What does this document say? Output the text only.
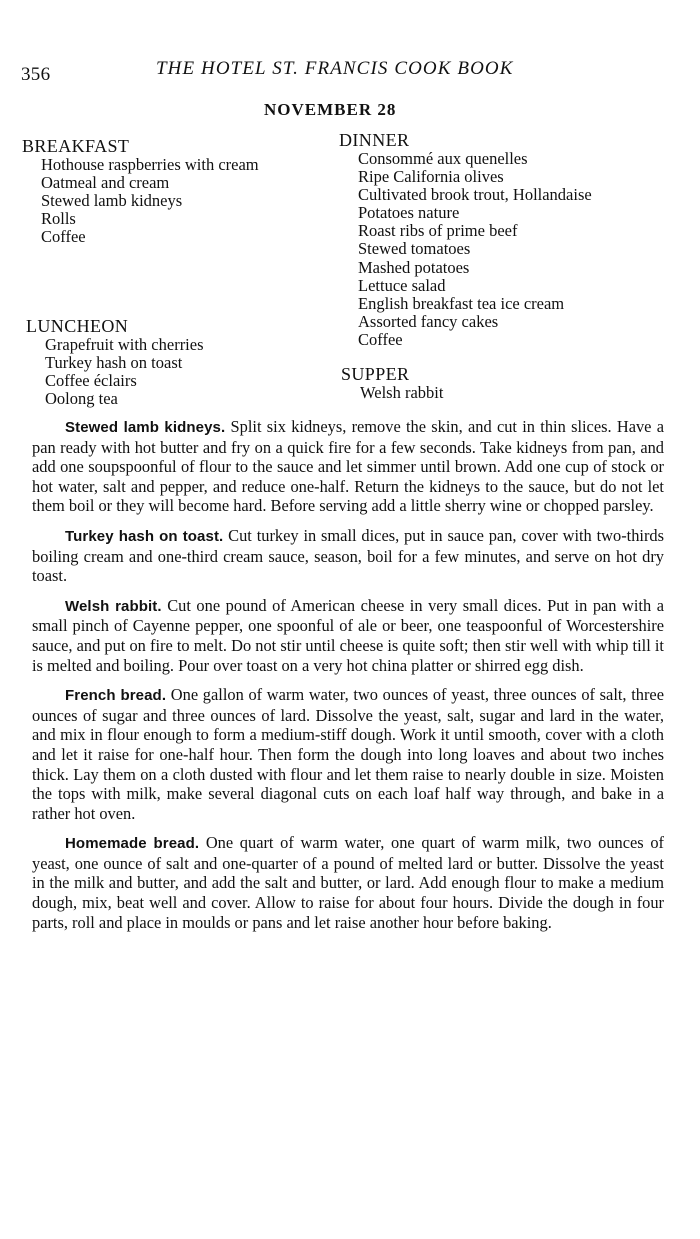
356	THE HOTEL ST. FRANCIS COOK BOOK
NOVEMBER 28
BREAKFAST
Hothouse raspberries with cream
Oatmeal and cream
Stewed lamb kidneys
Rolls
Coffee
LUNCHEON
Grapefruit with cherries
Turkey hash on toast
Coffee éclairs
Oolong tea
DINNER
Consommé aux quenelles
Ripe California olives
Cultivated brook trout, Hollandaise
Potatoes nature
Roast ribs of prime beef
Stewed tomatoes
Mashed potatoes
Lettuce salad
English breakfast tea ice cream
Assorted fancy cakes
Coffee
SUPPER
Welsh rabbit

Stewed lamb kidneys. Split six kidneys, remove the skin, and cut in thin slices. Have a pan ready with hot butter and fry on a quick fire for a few seconds. Take kidneys from pan, and add one soupspoonful of flour to the sauce and let simmer until brown. Add one cup of stock or hot water, salt and pepper, and reduce one-half. Return the kidneys to the sauce, but do not let them boil or they will become hard. Before serving add a little sherry wine or chopped parsley.

Turkey hash on toast. Cut turkey in small dices, put in sauce pan, cover with two-thirds boiling cream and one-third cream sauce, season, boil for a few minutes, and serve on hot dry toast.

Welsh rabbit. Cut one pound of American cheese in very small dices. Put in pan with a small pinch of Cayenne pepper, one spoonful of ale or beer, one teaspoonful of Worcestershire sauce, and put on fire to melt. Do not stir until cheese is quite soft; then stir well with whip till it is melted and boiling. Pour over toast on a very hot china platter or shirred egg dish.

French bread. One gallon of warm water, two ounces of yeast, three ounces of salt, three ounces of sugar and three ounces of lard. Dissolve the yeast, salt, sugar and lard in the water, and mix in flour enough to form a medium-stiff dough. Work it until smooth, cover with a cloth and let it raise for one-half hour. Then form the dough into long loaves and about two inches thick. Lay them on a cloth dusted with flour and let them raise to nearly double in size. Moisten the tops with milk, make several diagonal cuts on each loaf half way through, and bake in a rather hot oven.

Homemade bread. One quart of warm water, one quart of warm milk, two ounces of yeast, one ounce of salt and one-quarter of a pound of melted lard or butter. Dissolve the yeast in the milk and butter, and add the salt and butter, or lard. Add enough flour to make a medium dough, mix, beat well and cover. Allow to raise for about four hours. Divide the dough in four parts, roll and place in moulds or pans and let raise another hour before baking.
